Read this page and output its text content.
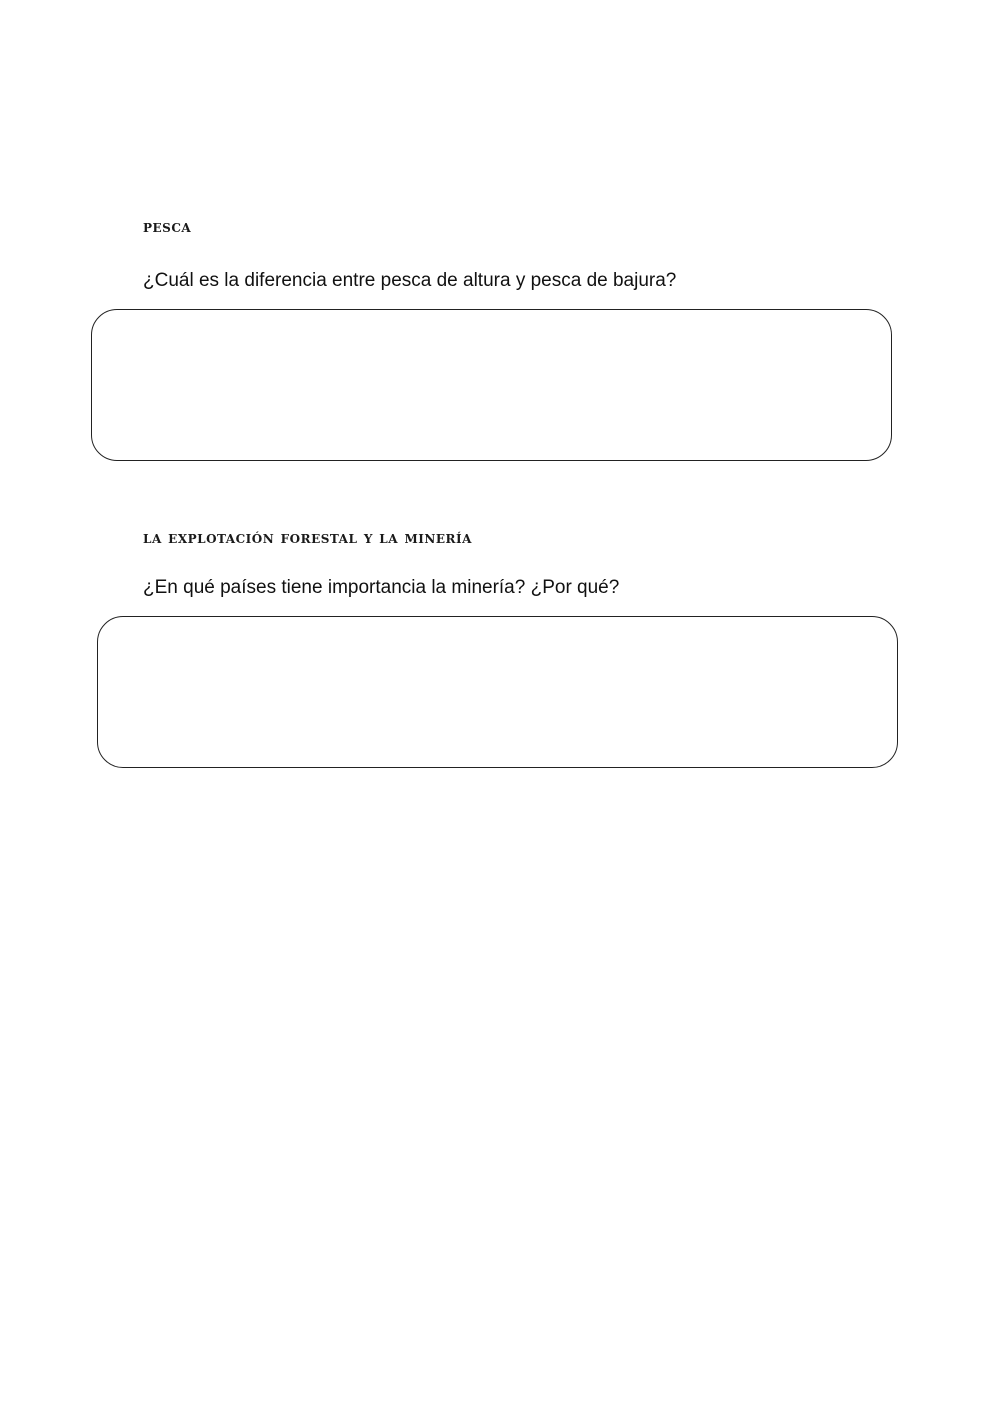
pesca

¿Cuál es la diferencia entre pesca de altura y pesca de bajura?

la explotación forestal y la minería

¿En qué países tiene importancia la minería? ¿Por qué?
